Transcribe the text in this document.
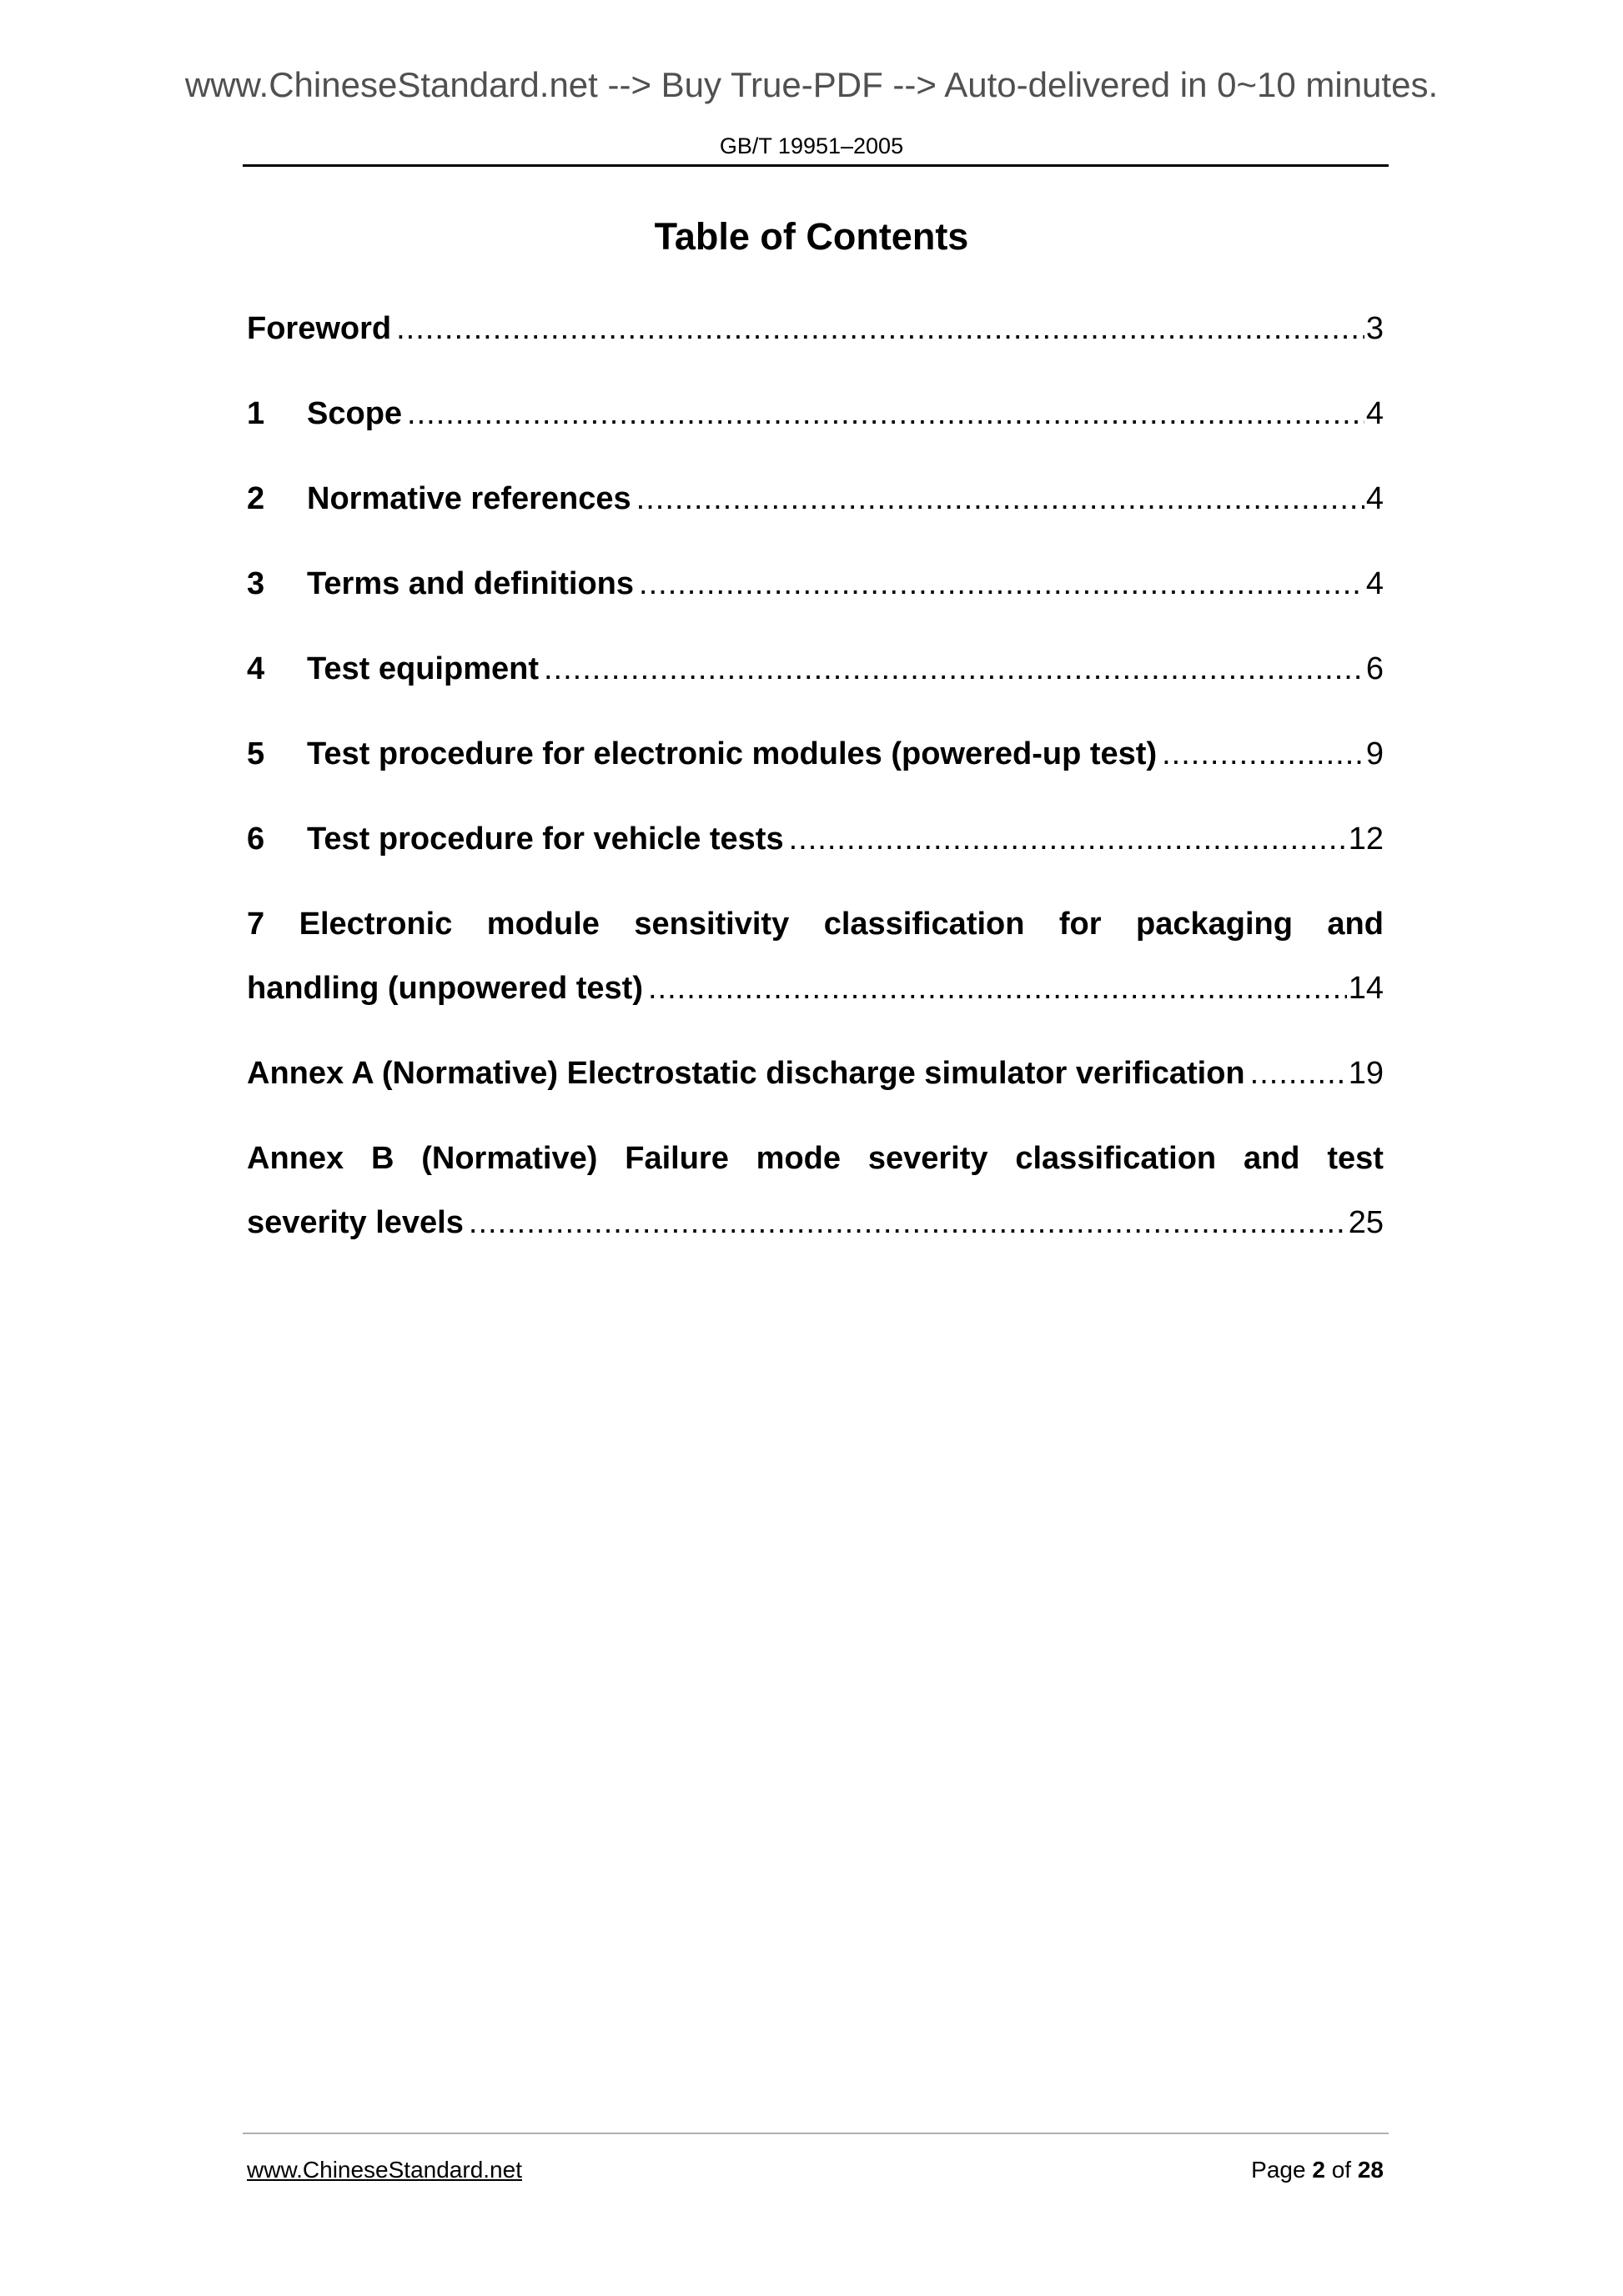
www.ChineseStandard.net --> Buy True-PDF --> Auto-delivered in 0~10 minutes.
GB/T 19951–2005
Table of Contents
Foreword .....	3
1	Scope .....	4
2	Normative references .....	4
3	Terms and definitions .....	4
4	Test equipment .....	6
5	Test procedure for electronic modules (powered-up test) .....	9
6	Test procedure for vehicle tests .....	12
7 Electronic module sensitivity classification for packaging and
handling (unpowered test) .....	14
Annex A (Normative) Electrostatic discharge simulator verification .....	19
Annex B (Normative) Failure mode severity classification and test
severity levels .....	25
www.ChineseStandard.net	Page 2 of 28
